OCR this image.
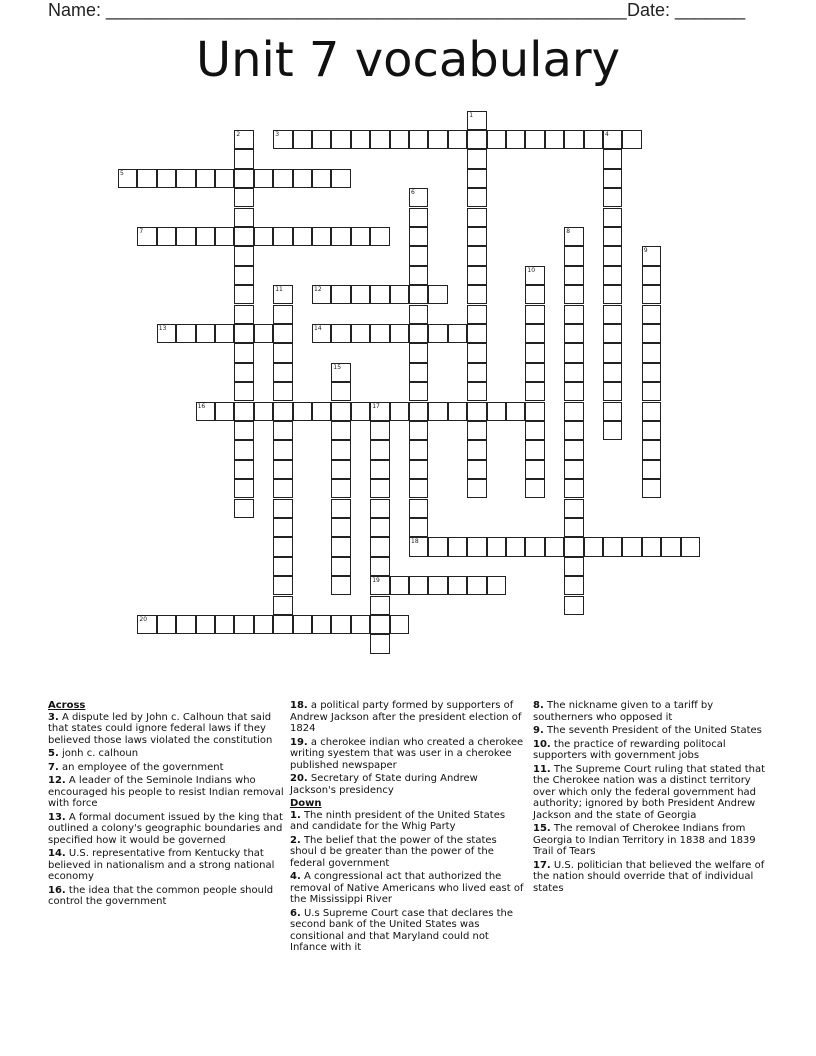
Name: ____________________________________________________ Date: _______
Unit 7 vocabulary
1
2	3	4
5
6
18
7	8
9
10
11	12
13	14
15
16	17
19
20
Across
3. A dispute led by John c. Calhoun that said that states could ignore federal laws if they believed those laws violated the constitution
5. jonh c. calhoun
7. an employee of the government
12. A leader of the Seminole Indians who encouraged his people to resist Indian removal with force
13. A formal document issued by the king that outlined a colony's geographic boundaries and specified how it would be governed
14. U.S. representative from Kentucky that believed in nationalism and a strong national economy
16. the idea that the common people should control the government
18. a political party formed by supporters of Andrew Jackson after the president election of 1824
19. a cherokee indian who created a cherokee writing syestem that was user in a cherokee published newspaper
20. Secretary of State during Andrew Jackson's presidency
Down
1. The ninth president of the United States and candidate for the Whig Party
2. The belief that the power of the states shoul d be greater than the power of the federal government
4. A congressional act that authorized the removal of Native Americans who lived east of the Mississippi River
6. U.s Supreme Court case that declares the second bank of the United States was consitional and that Maryland could not Infance with it
8. The nickname given to a tariff by southerners who opposed it
9. The seventh President of the United States
10. the practice of rewarding politocal supporters with government jobs
11. The Supreme Court ruling that stated that the Cherokee nation was a distinct territory over which only the federal government had authority; ignored by both President Andrew Jackson and the state of Georgia
15. The removal of Cherokee Indians from Georgia to Indian Territory in 1838 and 1839 Trail of Tears
17. U.S. politician that believed the welfare of the nation should override that of individual states
